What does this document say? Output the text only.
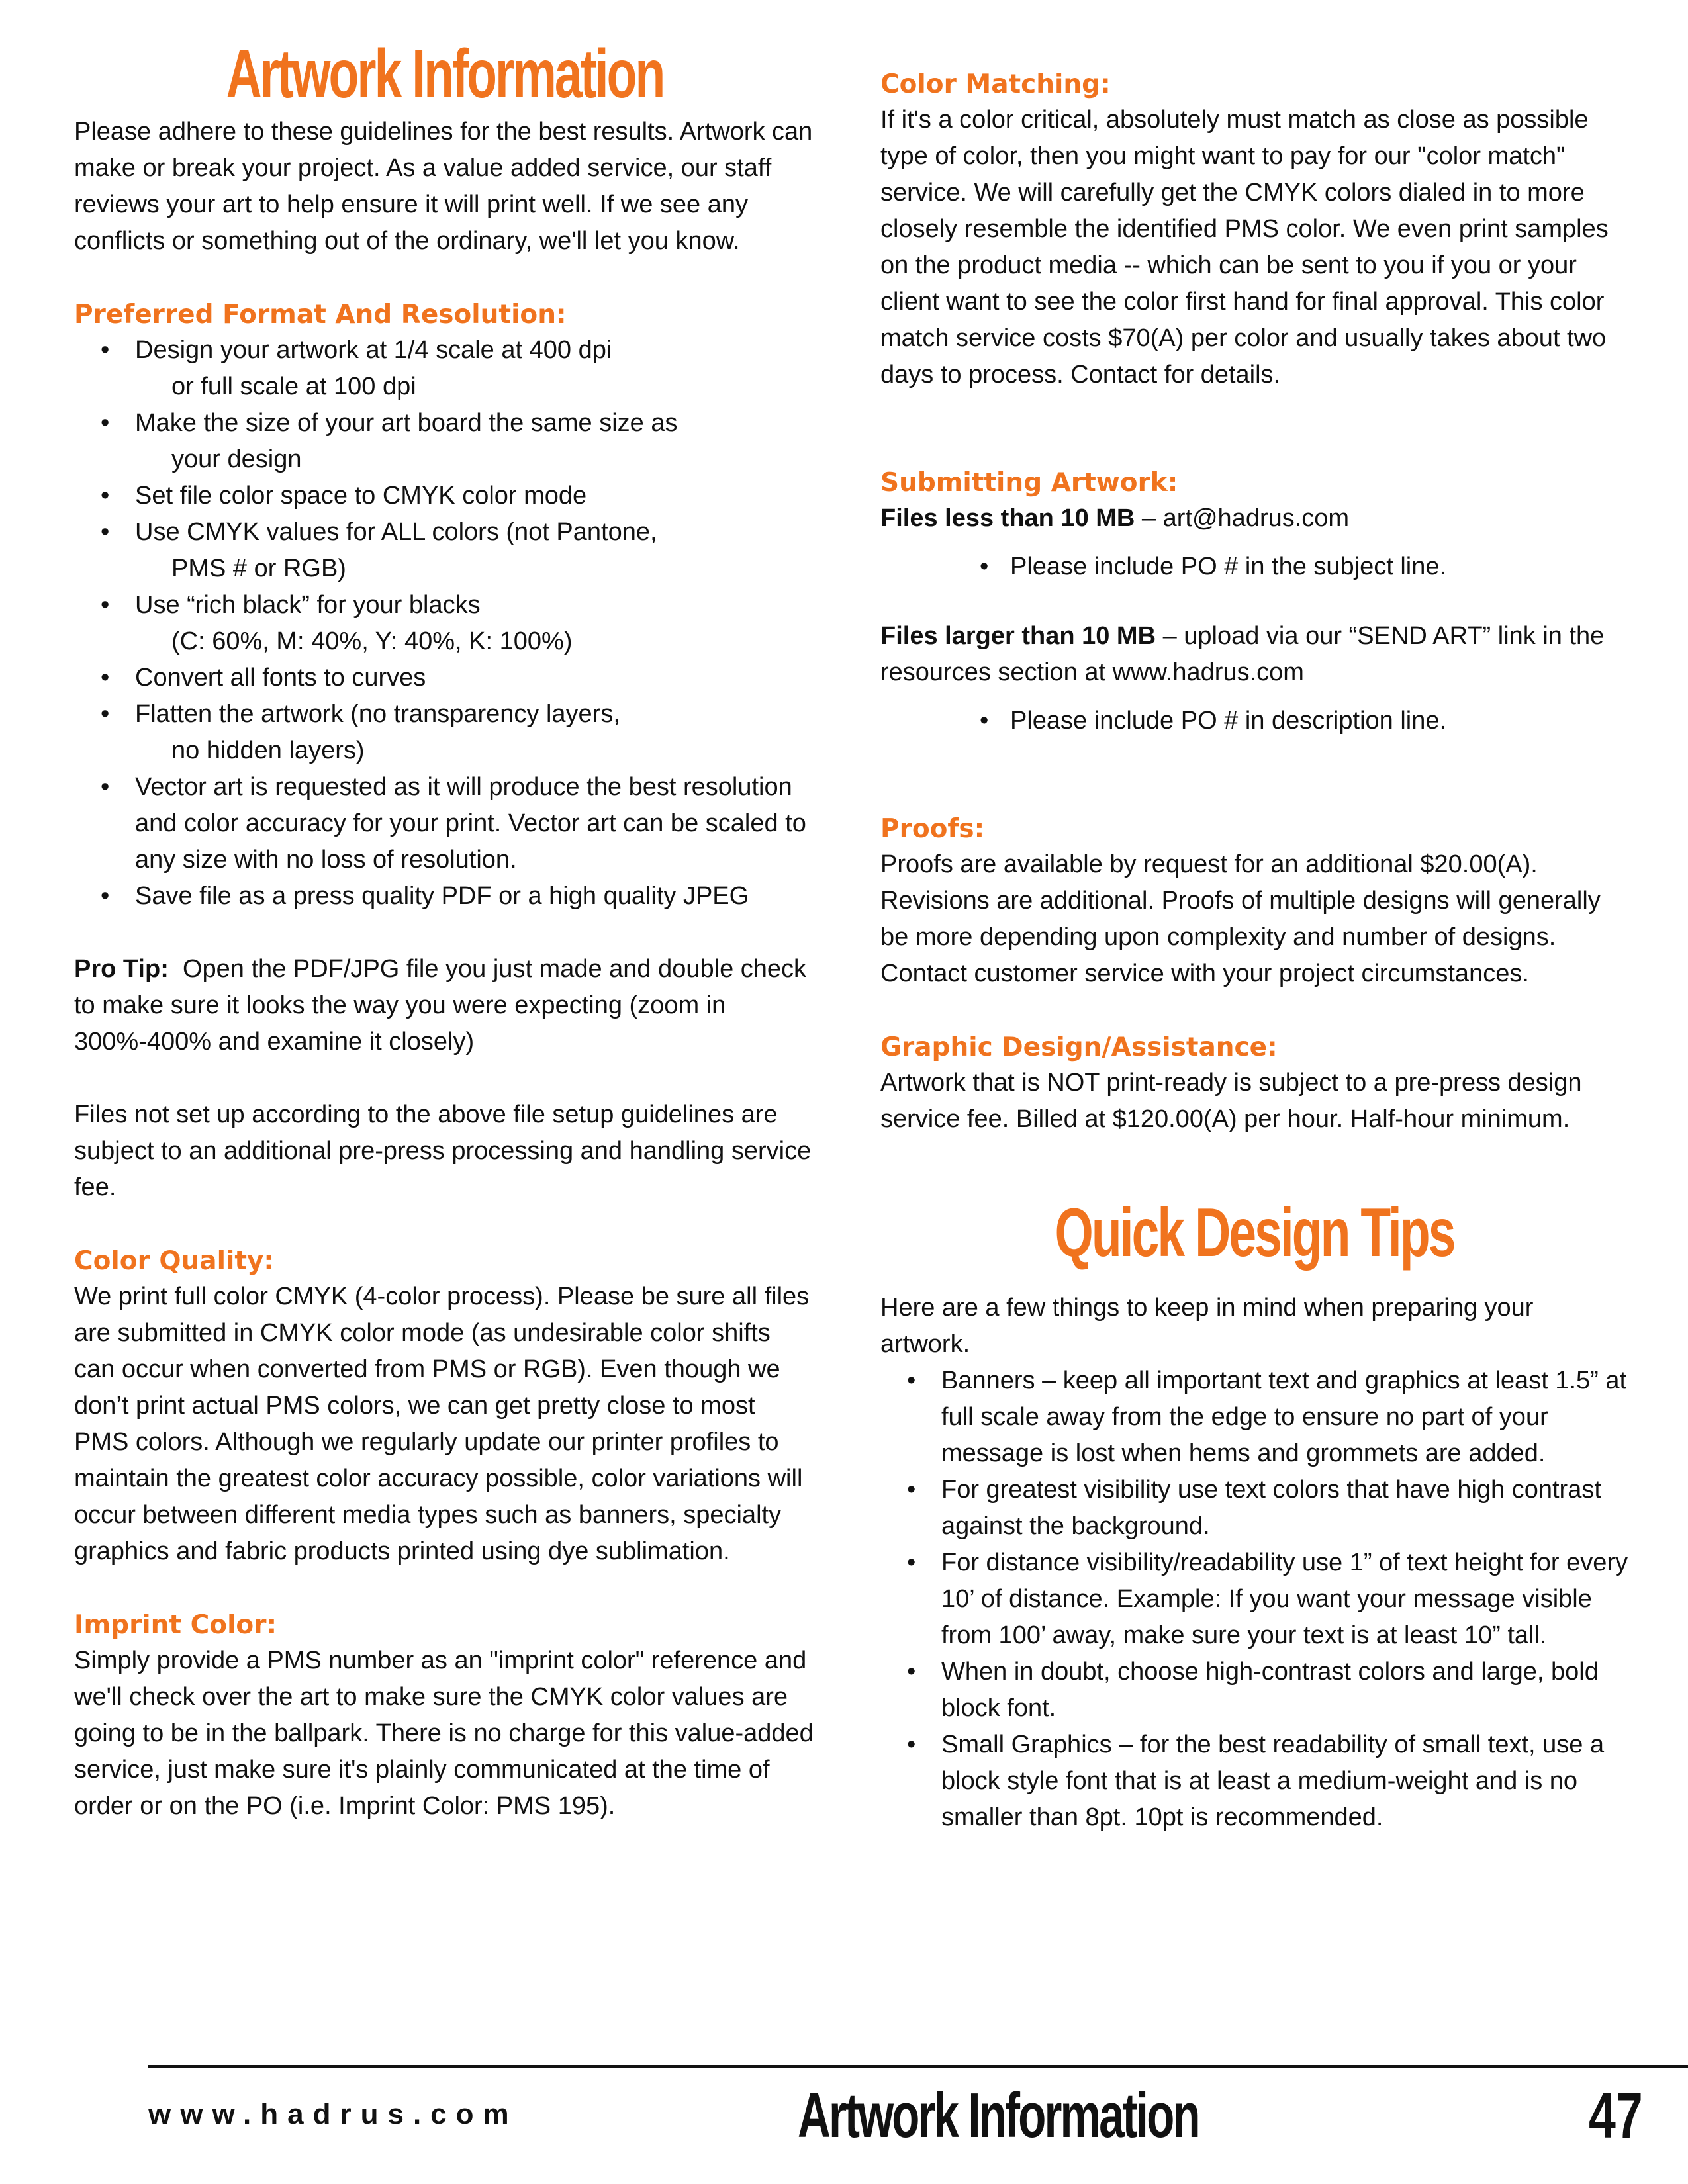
Artwork Information

Please adhere to these guidelines for the best results. Artwork can make or break your project. As a value added service, our staff reviews your art to help ensure it will print well. If we see any conflicts or something out of the ordinary, we'll let you know.

Preferred Format And Resolution:

• Design your artwork at 1/4 scale at 400 dpi
or full scale at 100 dpi
• Make the size of your art board the same size as
your design
• Set file color space to CMYK color mode
• Use CMYK values for ALL colors (not Pantone,
PMS # or RGB)
• Use “rich black” for your blacks
(C: 60%, M: 40%, Y: 40%, K: 100%)
• Convert all fonts to curves
• Flatten the artwork (no transparency layers,
no hidden layers)
• Vector art is requested as it will produce the best resolution and color accuracy for your print. Vector art can be scaled to any size with no loss of resolution.
• Save file as a press quality PDF or a high quality JPEG

Pro Tip: Open the PDF/JPG file you just made and double check to make sure it looks the way you were expecting (zoom in 300%-400% and examine it closely)

Files not set up according to the above file setup guidelines are subject to an additional pre-press processing and handling service fee.

Color Quality:

We print full color CMYK (4-color process). Please be sure all files are submitted in CMYK color mode (as undesirable color shifts can occur when converted from PMS or RGB). Even though we don’t print actual PMS colors, we can get pretty close to most PMS colors. Although we regularly update our printer profiles to maintain the greatest color accuracy possible, color variations will occur between different media types such as banners, specialty graphics and fabric products printed using dye sublimation.

Imprint Color:

Simply provide a PMS number as an "imprint color" reference and we'll check over the art to make sure the CMYK color values are going to be in the ballpark. There is no charge for this value-added service, just make sure it's plainly communicated at the time of order or on the PO (i.e. Imprint Color: PMS 195).

Color Matching:

If it's a color critical, absolutely must match as close as possible type of color, then you might want to pay for our "color match" service. We will carefully get the CMYK colors dialed in to more closely resemble the identified PMS color. We even print samples on the product media -- which can be sent to you if you or your client want to see the color first hand for final approval. This color match service costs $70(A) per color and usually takes about two days to process. Contact for details.

Submitting Artwork:

Files less than 10 MB – art@hadrus.com

• Please include PO # in the subject line.

Files larger than 10 MB – upload via our “SEND ART” link in the resources section at www.hadrus.com

• Please include PO # in description line.

Proofs:

Proofs are available by request for an additional $20.00(A). Revisions are additional. Proofs of multiple designs will generally be more depending upon complexity and number of designs. Contact customer service with your project circumstances.

Graphic Design/Assistance:

Artwork that is NOT print-ready is subject to a pre-press design service fee. Billed at $120.00(A) per hour. Half-hour minimum.

Quick Design Tips

Here are a few things to keep in mind when preparing your artwork.

• Banners – keep all important text and graphics at least 1.5” at full scale away from the edge to ensure no part of your message is lost when hems and grommets are added.
• For greatest visibility use text colors that have high contrast against the background.
• For distance visibility/readability use 1” of text height for every 10’ of distance. Example: If you want your message visible from 100’ away, make sure your text is at least 10” tall.
• When in doubt, choose high-contrast colors and large, bold block font.
• Small Graphics – for the best readability of small text, use a block style font that is at least a medium-weight and is no smaller than 8pt. 10pt is recommended.
www.hadrus.com	Artwork Information	47
